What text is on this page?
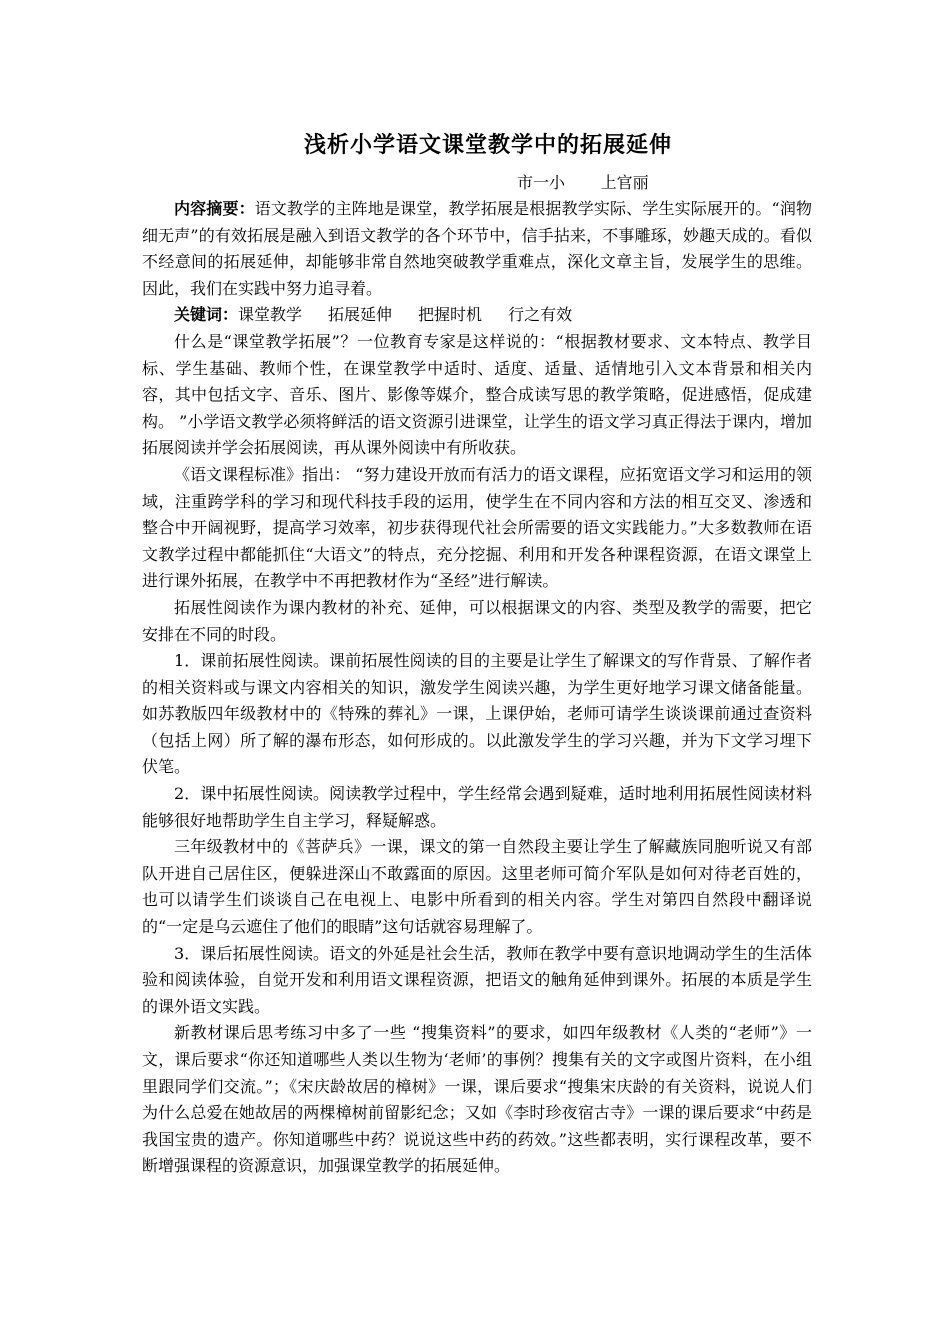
浅析小学语文课堂教学中的拓展延伸
市一小 上官丽

内容摘要：语文教学的主阵地是课堂，教学拓展是根据教学实际、学生实际展开的。“润物细无声”的有效拓展是融入到语文教学的各个环节中，信手拈来，不事雕琢，妙趣天成的。看似不经意间的拓展延伸，却能够非常自然地突破教学重难点，深化文章主旨，发展学生的思维。因此，我们在实践中努力追寻着。

关键词：课堂教学 拓展延伸 把握时机 行之有效

什么是“课堂教学拓展”？一位教育专家是这样说的：“根据教材要求、文本特点、教学目标、学生基础、教师个性，在课堂教学中适时、适度、适量、适情地引入文本背景和相关内容，其中包括文字、音乐、图片、影像等媒介，整合成读写思的教学策略，促进感悟，促成建构。 ”小学语文教学必须将鲜活的语文资源引进课堂，让学生的语文学习真正得法于课内，增加拓展阅读并学会拓展阅读，再从课外阅读中有所收获。

《语文课程标准》指出： “努力建设开放而有活力的语文课程，应拓宽语文学习和运用的领域，注重跨学科的学习和现代科技手段的运用，使学生在不同内容和方法的相互交叉、渗透和整合中开阔视野，提高学习效率，初步获得现代社会所需要的语文实践能力。”大多数教师在语文教学过程中都能抓住“大语文”的特点，充分挖掘、利用和开发各种课程资源，在语文课堂上进行课外拓展，在教学中不再把教材作为“圣经”进行解读。

拓展性阅读作为课内教材的补充、延伸，可以根据课文的内容、类型及教学的需要，把它安排在不同的时段。

1．课前拓展性阅读。课前拓展性阅读的目的主要是让学生了解课文的写作背景、了解作者的相关资料或与课文内容相关的知识，激发学生阅读兴趣，为学生更好地学习课文储备能量。如苏教版四年级教材中的《特殊的葬礼》一课，上课伊始，老师可请学生谈谈课前通过查资料（包括上网）所了解的瀑布形态，如何形成的。以此激发学生的学习兴趣，并为下文学习埋下伏笔。

2．课中拓展性阅读。阅读教学过程中，学生经常会遇到疑难，适时地利用拓展性阅读材料能够很好地帮助学生自主学习，释疑解惑。

三年级教材中的《菩萨兵》一课，课文的第一自然段主要让学生了解藏族同胞听说又有部队开进自己居住区，便躲进深山不敢露面的原因。这里老师可简介军队是如何对待老百姓的，也可以请学生们谈谈自己在电视上、电影中所看到的相关内容。学生对第四自然段中翻译说的“一定是乌云遮住了他们的眼睛”这句话就容易理解了。

3．课后拓展性阅读。语文的外延是社会生活，教师在教学中要有意识地调动学生的生活体验和阅读体验，自觉开发和利用语文课程资源，把语文的触角延伸到课外。拓展的本质是学生的课外语文实践。

新教材课后思考练习中多了一些 “搜集资料”的要求，如四年级教材《人类的“老师”》一文，课后要求“你还知道哪些人类以生物为‘老师’的事例？搜集有关的文字或图片资料，在小组里跟同学们交流。”；《宋庆龄故居的樟树》一课，课后要求“搜集宋庆龄的有关资料，说说人们为什么总爱在她故居的两棵樟树前留影纪念；又如《李时珍夜宿古寺》一课的课后要求“中药是我国宝贵的遗产。你知道哪些中药？说说这些中药的药效。”这些都表明，实行课程改革，要不断增强课程的资源意识，加强课堂教学的拓展延伸。
